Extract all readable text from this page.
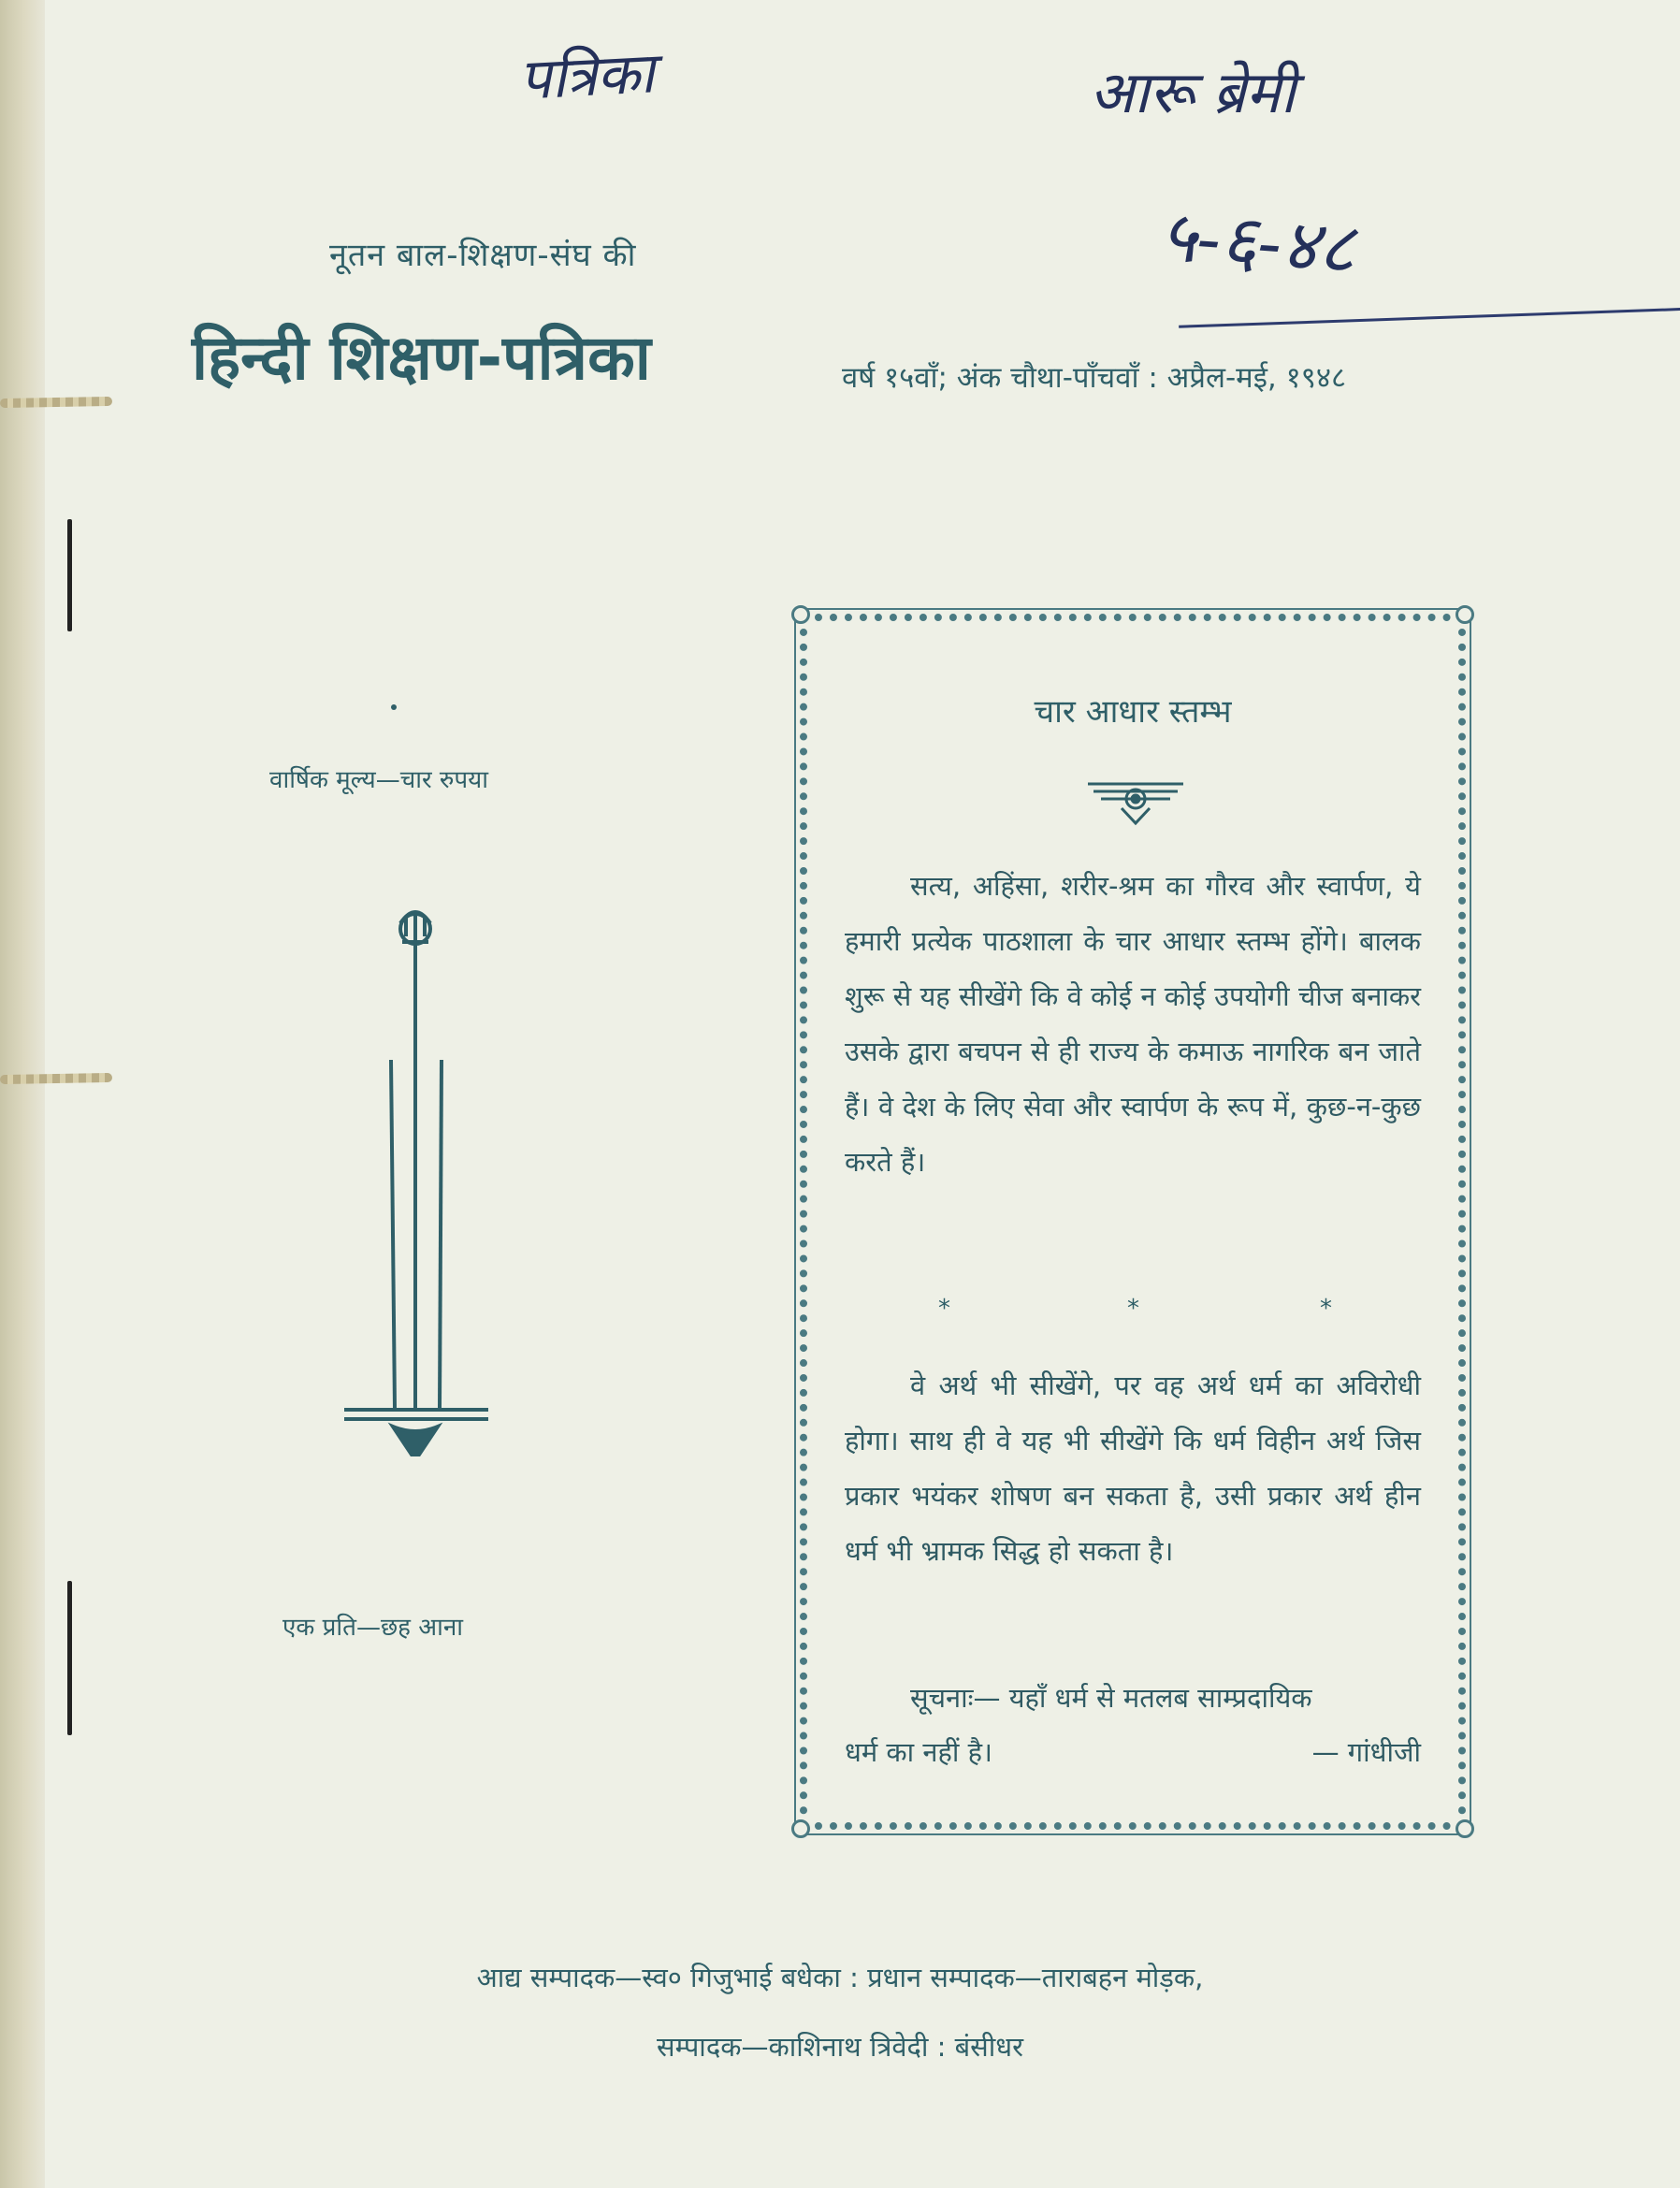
पत्रिका	आरू ब्रेमी
५-६-४८
नूतन बाल-शिक्षण-संघ की
हिन्दी शिक्षण-पत्रिका	वर्ष १५वाँ; अंक चौथा-पाँचवाँ : अप्रैल-मई, १९४८
वार्षिक मूल्य—चार रुपया
एक प्रति—छह आना
चार आधार स्तम्भ
सत्य, अहिंसा, शरीर-श्रम का गौरव और स्वार्पण, ये हमारी प्रत्येक पाठशाला के चार आधार स्तम्भ होंगे। बालक शुरू से यह सीखेंगे कि वे कोई न कोई उपयोगी चीज बनाकर उसके द्वारा बचपन से ही राज्य के कमाऊ नागरिक बन जाते हैं। वे देश के लिए सेवा और स्वार्पण के रूप में, कुछ-न-कुछ करते हैं।
*	*	*
वे अर्थ भी सीखेंगे, पर वह अर्थ धर्म का अविरोधी होगा। साथ ही वे यह भी सीखेंगे कि धर्म विहीन अर्थ जिस प्रकार भयंकर शोषण बन सकता है, उसी प्रकार अर्थ हीन धर्म भी भ्रामक सिद्ध हो सकता है।
सूचनाः— यहाँ धर्म से मतलब साम्प्रदायिक
धर्म का नहीं है।	— गांधीजी
आद्य सम्पादक—स्व० गिजुभाई बधेका : प्रधान सम्पादक—ताराबहन मोड़क,
सम्पादक—काशिनाथ त्रिवेदी : बंसीधर
